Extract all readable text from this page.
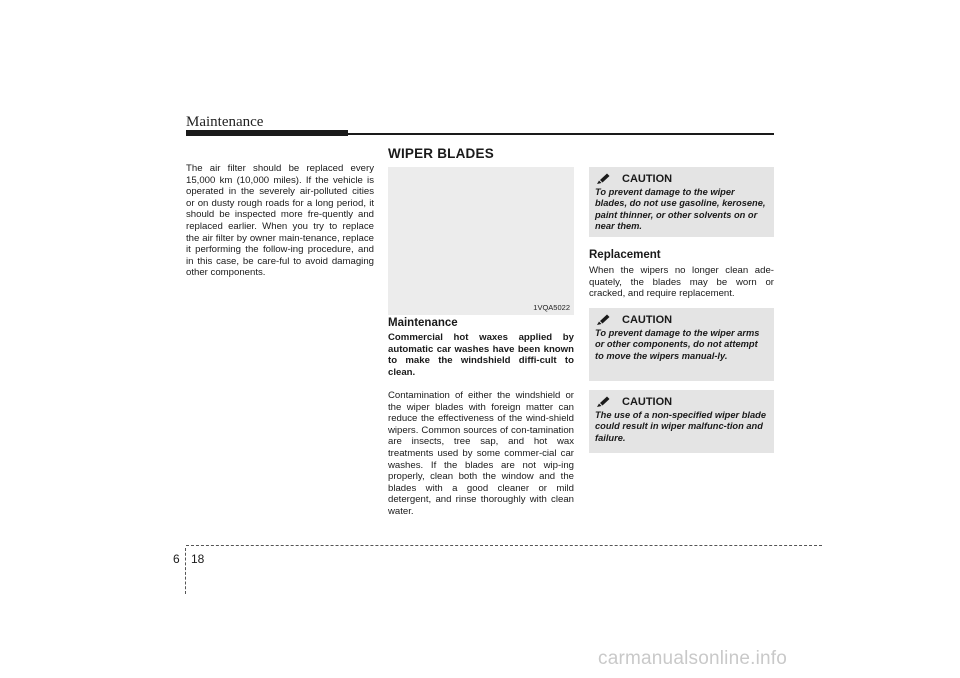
Maintenance
The air filter should be replaced every 15,000 km (10,000 miles). If the vehicle is operated in the severely air-polluted cities or on dusty rough roads for a long period, it should be inspected more fre-quently and replaced earlier. When you try to replace the air filter by owner main-tenance, replace it performing the follow-ing procedure, and in this case, be care-ful to avoid damaging other components.
WIPER BLADES
1VQA5022
Maintenance
Commercial hot waxes applied by automatic car washes have been known to make the windshield diffi-cult to clean.
Contamination of either the windshield or the wiper blades with foreign matter can reduce the effectiveness of the wind-shield wipers. Common sources of con-tamination are insects, tree sap, and hot wax treatments used by some commer-cial car washes. If the blades are not wip-ing properly, clean both the window and the blades with a good cleaner or mild detergent, and rinse thoroughly with clean water.
CAUTION
To prevent damage to the wiper blades, do not use gasoline, kerosene, paint thinner, or other solvents on or near them.
Replacement
When the wipers no longer clean ade-quately, the blades may be worn or cracked, and require replacement.
CAUTION
To prevent damage to the wiper arms or other components, do not attempt to move the wipers manual-ly.
CAUTION
The use of a non-specified wiper blade could result in wiper malfunc-tion and failure.
6 18
carmanualsonline.info
